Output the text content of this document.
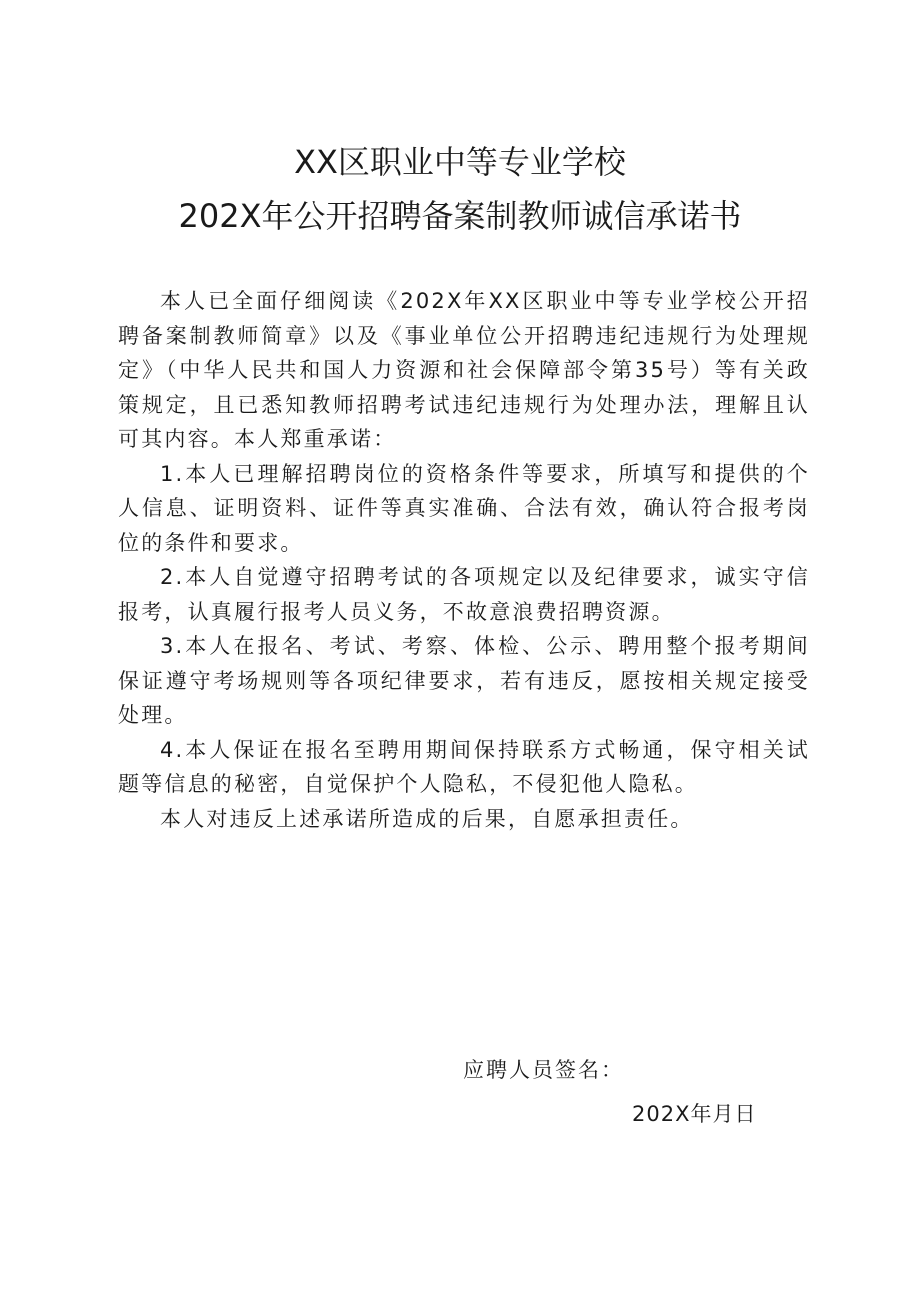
XX区职业中等专业学校
202X年公开招聘备案制教师诚信承诺书

本人已全面仔细阅读《202X年XX区职业中等专业学校公开招聘备案制教师简章》以及《事业单位公开招聘违纪违规行为处理规定》（中华人民共和国人力资源和社会保障部令第35号）等有关政策规定，且已悉知教师招聘考试违纪违规行为处理办法，理解且认可其内容。本人郑重承诺：

1.本人已理解招聘岗位的资格条件等要求，所填写和提供的个人信息、证明资料、证件等真实准确、合法有效，确认符合报考岗位的条件和要求。

2.本人自觉遵守招聘考试的各项规定以及纪律要求，诚实守信报考，认真履行报考人员义务，不故意浪费招聘资源。

3.本人在报名、考试、考察、体检、公示、聘用整个报考期间保证遵守考场规则等各项纪律要求，若有违反，愿按相关规定接受处理。

4.本人保证在报名至聘用期间保持联系方式畅通，保守相关试题等信息的秘密，自觉保护个人隐私，不侵犯他人隐私。

本人对违反上述承诺所造成的后果，自愿承担责任。

应聘人员签名：
202X年月日
